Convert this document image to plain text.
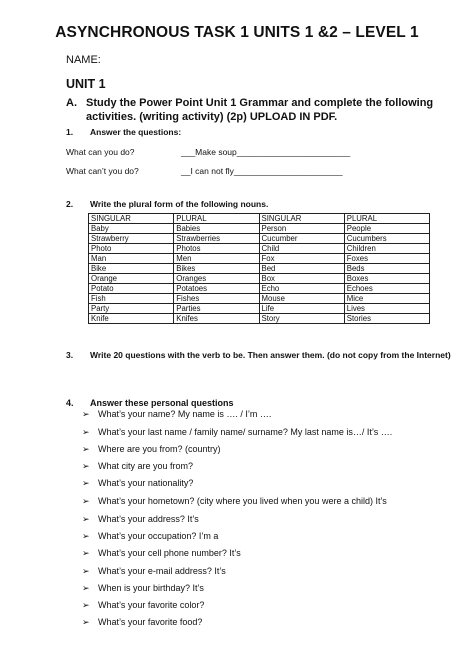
ASYNCHRONOUS TASK 1 UNITS 1 &2 – LEVEL 1
NAME:
UNIT 1
A. Study the Power Point Unit 1 Grammar and complete the following activities. (writing activity) (2p) UPLOAD IN PDF.
1. Answer the questions:
What can you do?	___Make soup________________________
What can’t you do?	__I can not fly_______________________
2. Write the plural form of the following nouns.
SINGULAR	PLURAL	SINGULAR	PLURAL
Baby	Babies	Person	People
Strawberry	Strawberries	Cucumber	Cucumbers
Photo	Photos	Child	Children
Man	Men	Fox	Foxes
Bike	Bikes	Bed	Beds
Orange	Oranges	Box	Boxes
Potato	Potatoes	Echo	Echoes
Fish	Fishes	Mouse	Mice
Party	Parties	Life	Lives
Knife	Knifes	Story	Stories
3. Write 20 questions with the verb to be. Then answer them. (do not copy from the Internet)
4. Answer these personal questions
➢ What’s your name? My name is …. / I’m ….
➢ What’s your last name / family name/ surname? My last name is…/ It’s ….
➢ Where are you from? (country)
➢ What city are you from?
➢ What’s your nationality?
➢ What’s your hometown? (city where you lived when you were a child) It’s
➢ What’s your address? It’s
➢ What’s your occupation? I’m a
➢ What’s your cell phone number? It’s
➢ What’s your e-mail address? It’s
➢ When is your birthday? It’s
➢ What’s your favorite color?
➢ What’s your favorite food?
